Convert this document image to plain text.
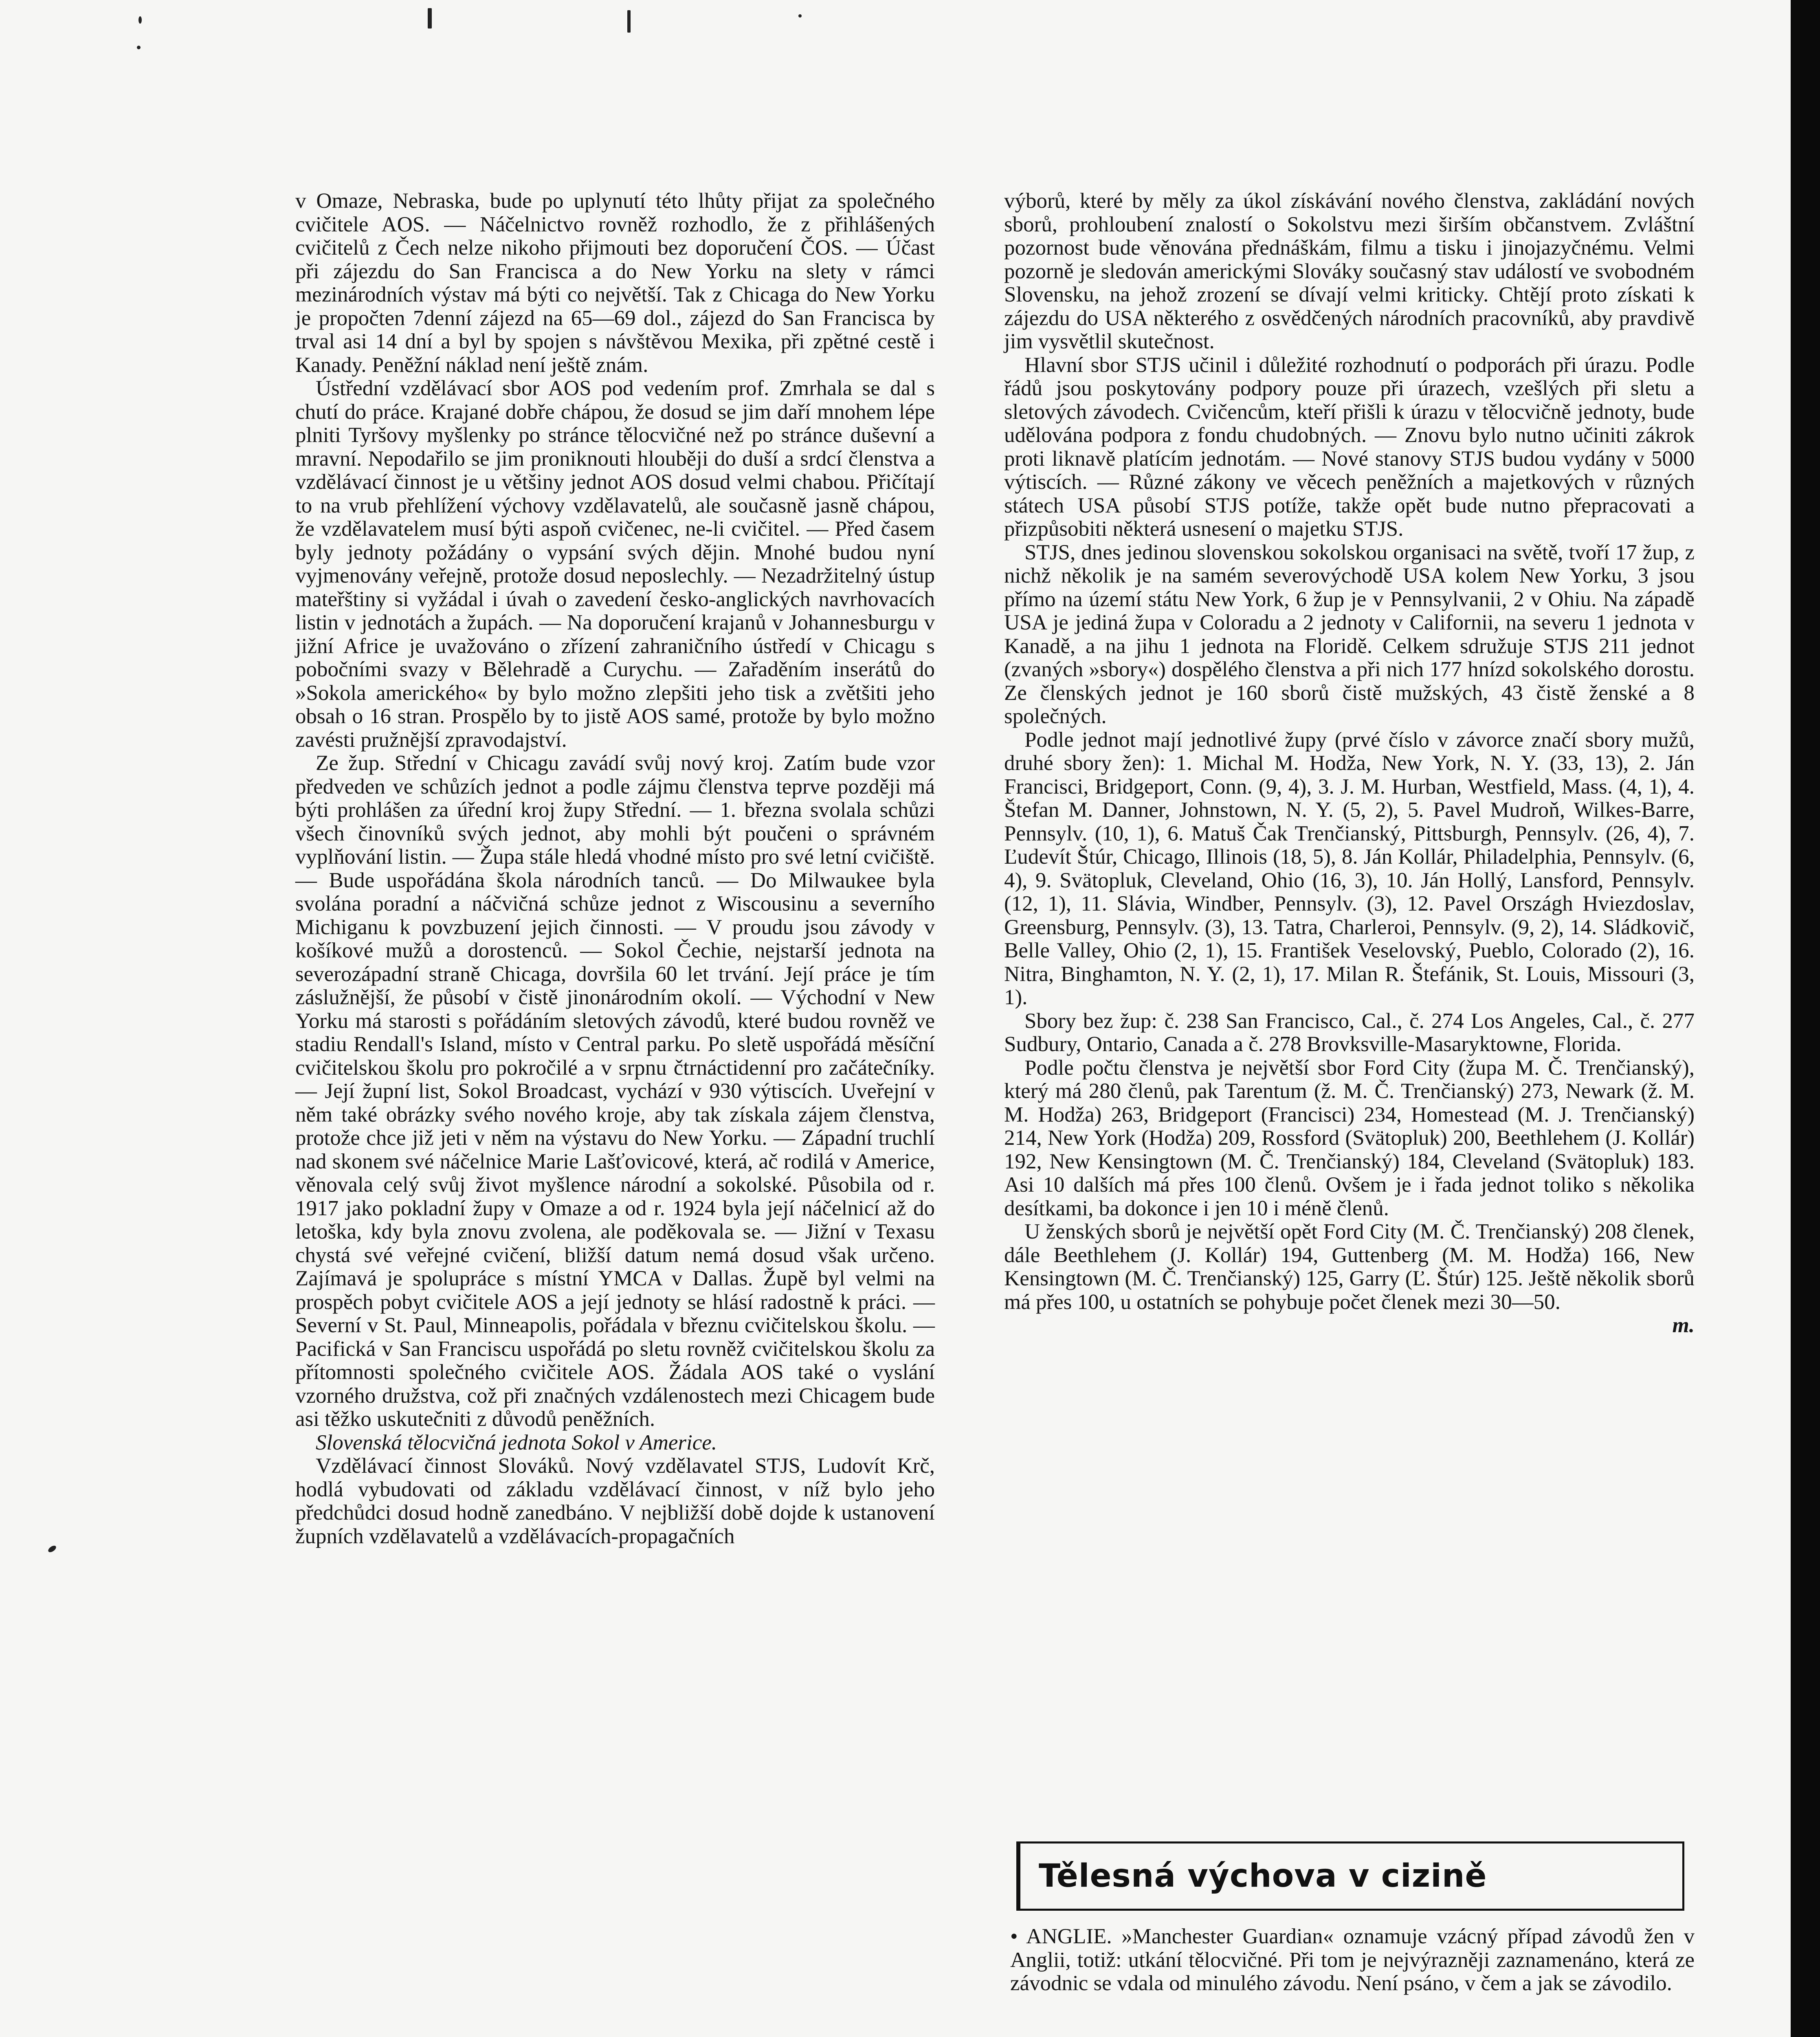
v Omaze, Nebraska, bude po uplynutí této lhůty přijat za společného cvičitele AOS. — Náčelnictvo rovněž rozhodlo, že z přihlášených cvičitelů z Čech nelze nikoho přijmouti bez doporučení ČOS. — Účast při zájezdu do San Francisca a do New Yorku na slety v rámci mezinárodních výstav má býti co největší. Tak z Chicaga do New Yorku je propočten 7denní zájezd na 65—69 dol., zájezd do San Francisca by trval asi 14 dní a byl by spojen s návštěvou Mexika, při zpětné cestě i Kanady. Peněžní náklad není ještě znám.

Ústřední vzdělávací sbor AOS pod vedením prof. Zmrhala se dal s chutí do práce. Krajané dobře chápou, že dosud se jim daří mnohem lépe plniti Tyršovy myšlenky po stránce tělocvičné než po stránce duševní a mravní. Nepodařilo se jim proniknouti hlouběji do duší a srdcí členstva a vzdělávací činnost je u většiny jednot AOS dosud velmi chabou. Přičítají to na vrub přehlížení výchovy vzdělavatelů, ale současně jasně chápou, že vzdělavatelem musí býti aspoň cvičenec, ne-li cvičitel. — Před časem byly jednoty požádány o vypsání svých dějin. Mnohé budou nyní vyjmenovány veřejně, protože dosud neposlechly. — Nezadržitelný ústup mateřštiny si vyžádal i úvah o zavedení česko-anglických navrhovacích listin v jednotách a župách. — Na doporučení krajanů v Johannesburgu v jižní Africe je uvažováno o zřízení zahraničního ústředí v Chicagu s pobočními svazy v Bělehradě a Curychu. — Zařaděním inserátů do »Sokola amerického« by bylo možno zlepšiti jeho tisk a zvětšiti jeho obsah o 16 stran. Prospělo by to jistě AOS samé, protože by bylo možno zavésti pružnější zpravodajství.

Ze žup. Střední v Chicagu zavádí svůj nový kroj. Zatím bude vzor předveden ve schůzích jednot a podle zájmu členstva teprve později má býti prohlášen za úřední kroj župy Střední. — 1. března svolala schůzi všech činovníků svých jednot, aby mohli být poučeni o správném vyplňování listin. — Župa stále hledá vhodné místo pro své letní cvičiště. — Bude uspořádána škola národních tanců. — Do Milwaukee byla svolána poradní a náčvičná schůze jednot z Wiscousinu a severního Michiganu k povzbuzení jejich činnosti. — V proudu jsou závody v košíkové mužů a dorostenců. — Sokol Čechie, nejstarší jednota na severozápadní straně Chicaga, dovršila 60 let trvání. Její práce je tím záslužnější, že působí v čistě jinonárodním okolí. — Východní v New Yorku má starosti s pořádáním sletových závodů, které budou rovněž ve stadiu Rendall's Island, místo v Central parku. Po sletě uspořádá měsíční cvičitelskou školu pro pokročilé a v srpnu čtrnáctidenní pro začátečníky. — Její župní list, Sokol Broadcast, vychází v 930 výtiscích. Uveřejní v něm také obrázky svého nového kroje, aby tak získala zájem členstva, protože chce již jeti v něm na výstavu do New Yorku. — Západní truchlí nad skonem své náčelnice Marie Lašťovicové, která, ač rodilá v Americe, věnovala celý svůj život myšlence národní a sokolské. Působila od r. 1917 jako pokladní župy v Omaze a od r. 1924 byla její náčelnicí až do letoška, kdy byla znovu zvolena, ale poděkovala se. — Jižní v Texasu chystá své veřejné cvičení, bližší datum nemá dosud však určeno. Zajímavá je spolupráce s místní YMCA v Dallas. Župě byl velmi na prospěch pobyt cvičitele AOS a její jednoty se hlásí radostně k práci. — Severní v St. Paul, Minneapolis, pořádala v březnu cvičitelskou školu. — Pacifická v San Franciscu uspořádá po sletu rovněž cvičitelskou školu za přítomnosti společného cvičitele AOS. Žádala AOS také o vyslání vzorného družstva, což při značných vzdálenostech mezi Chicagem bude asi těžko uskutečniti z důvodů peněžních.

Slovenská tělocvičná jednota Sokol v Americe.

Vzdělávací činnost Slováků. Nový vzdělavatel STJS, Ludovít Krč, hodlá vybudovati od základu vzdělávací činnost, v níž bylo jeho předchůdci dosud hodně zanedbáno. V nejbližší době dojde k ustanovení župních vzdělavatelů a vzdělávacích-propagačních

výborů, které by měly za úkol získávání nového členstva, zakládání nových sborů, prohloubení znalostí o Sokolstvu mezi širším občanstvem. Zvláštní pozornost bude věnována přednáškám, filmu a tisku i jinojazyčnému. Velmi pozorně je sledován americkými Slováky současný stav událostí ve svobodném Slovensku, na jehož zrození se dívají velmi kriticky. Chtějí proto získati k zájezdu do USA některého z osvědčených národních pracovníků, aby pravdivě jim vysvětlil skutečnost.

Hlavní sbor STJS učinil i důležité rozhodnutí o podporách při úrazu. Podle řádů jsou poskytovány podpory pouze při úrazech, vzešlých při sletu a sletových závodech. Cvičencům, kteří přišli k úrazu v tělocvičně jednoty, bude udělována podpora z fondu chudobných. — Znovu bylo nutno učiniti zákrok proti liknavě platícím jednotám. — Nové stanovy STJS budou vydány v 5000 výtiscích. — Různé zákony ve věcech peněžních a majetkových v různých státech USA působí STJS potíže, takže opět bude nutno přepracovati a přizpůsobiti některá usnesení o majetku STJS.

STJS, dnes jedinou slovenskou sokolskou organisaci na světě, tvoří 17 žup, z nichž několik je na samém severovýchodě USA kolem New Yorku, 3 jsou přímo na území státu New York, 6 žup je v Pennsylvanii, 2 v Ohiu. Na západě USA je jediná župa v Coloradu a 2 jednoty v Californii, na severu 1 jednota v Kanadě, a na jihu 1 jednota na Floridě. Celkem sdružuje STJS 211 jednot (zvaných »sbory«) dospělého členstva a při nich 177 hnízd sokolského dorostu. Ze členských jednot je 160 sborů čistě mužských, 43 čistě ženské a 8 společných.

Podle jednot mají jednotlivé župy (prvé číslo v závorce značí sbory mužů, druhé sbory žen): 1. Michal M. Hodža, New York, N. Y. (33, 13), 2. Ján Francisci, Bridgeport, Conn. (9, 4), 3. J. M. Hurban, Westfield, Mass. (4, 1), 4. Štefan M. Danner, Johnstown, N. Y. (5, 2), 5. Pavel Mudroň, Wilkes-Barre, Pennsylv. (10, 1), 6. Matuš Čak Trenčianský, Pittsburgh, Pennsylv. (26, 4), 7. Ľudevít Štúr, Chicago, Illinois (18, 5), 8. Ján Kollár, Philadelphia, Pennsylv. (6, 4), 9. Svätopluk, Cleveland, Ohio (16, 3), 10. Ján Hollý, Lansford, Pennsylv. (12, 1), 11. Slávia, Windber, Pennsylv. (3), 12. Pavel Országh Hviezdoslav, Greensburg, Pennsylv. (3), 13. Tatra, Charleroi, Pennsylv. (9, 2), 14. Sládkovič, Belle Valley, Ohio (2, 1), 15. František Veselovský, Pueblo, Colorado (2), 16. Nitra, Binghamton, N. Y. (2, 1), 17. Milan R. Štefánik, St. Louis, Missouri (3, 1).

Sbory bez žup: č. 238 San Francisco, Cal., č. 274 Los Angeles, Cal., č. 277 Sudbury, Ontario, Canada a č. 278 Brovksville-Masaryktowne, Florida.

Podle počtu členstva je největší sbor Ford City (župa M. Č. Trenčianský), který má 280 členů, pak Tarentum (ž. M. Č. Trenčianský) 273, Newark (ž. M. M. Hodža) 263, Bridgeport (Francisci) 234, Homestead (M. J. Trenčianský) 214, New York (Hodža) 209, Rossford (Svätopluk) 200, Beethlehem (J. Kollár) 192, New Kensingtown (M. Č. Trenčianský) 184, Cleveland (Svätopluk) 183. Asi 10 dalších má přes 100 členů. Ovšem je i řada jednot toliko s několika desítkami, ba dokonce i jen 10 i méně členů.

U ženských sborů je největší opět Ford City (M. Č. Trenčianský) 208 členek, dále Beethlehem (J. Kollár) 194, Guttenberg (M. M. Hodža) 166, New Kensingtown (M. Č. Trenčianský) 125, Garry (Ľ. Štúr) 125. Ještě několik sborů má přes 100, u ostatních se pohybuje počet členek mezi 30—50.

m.

Tělesná výchova v cizině

• ANGLIE. »Manchester Guardian« oznamuje vzácný případ závodů žen v Anglii, totiž: utkání tělocvičné. Při tom je nejvýrazněji zaznamenáno, která ze závodnic se vdala od minulého závodu. Není psáno, v čem a jak se závodilo.
